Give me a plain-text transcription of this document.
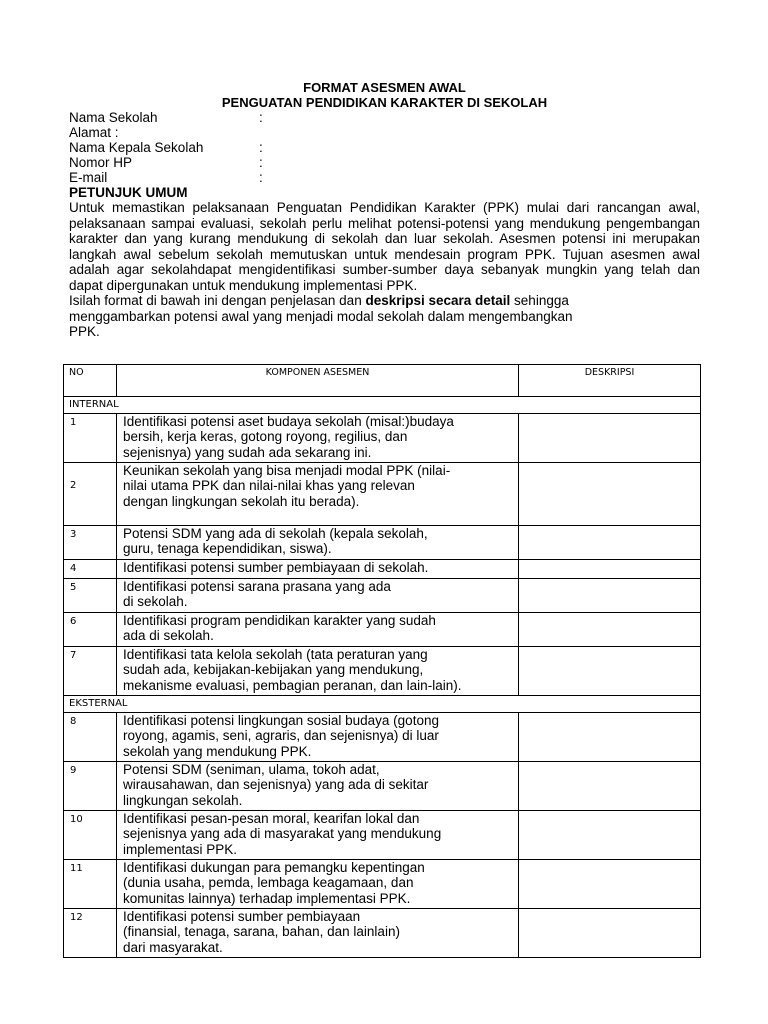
FORMAT ASESMEN AWAL
PENGUATAN PENDIDIKAN KARAKTER DI SEKOLAH
Nama Sekolah	:
Alamat :
Nama Kepala Sekolah	:
Nomor HP	:
E-mail	:
PETUNJUK UMUM

Untuk memastikan pelaksanaan Penguatan Pendidikan Karakter (PPK) mulai dari rancangan awal, pelaksanaan sampai evaluasi, sekolah perlu melihat potensi-potensi yang mendukung pengembangan karakter dan yang kurang mendukung di sekolah dan luar sekolah. Asesmen potensi ini merupakan langkah awal sebelum sekolah memutuskan untuk mendesain program PPK. Tujuan asesmen awal adalah agar sekolahdapat mengidentifikasi sumber-sumber daya sebanyak mungkin yang telah dan dapat dipergunakan untuk mendukung implementasi PPK.

Isilah format di bawah ini dengan penjelasan dan deskripsi secara detail sehingga
menggambarkan potensi awal yang menjadi modal sekolah dalam mengembangkan
PPK.
NO	KOMPONEN ASESMEN	DESKRIPSI
INTERNAL		
1	Identifikasi potensi aset budaya sekolah (misal:)budaya
bersih, kerja keras, gotong royong, regilius, dan
sejenisnya) yang sudah ada sekarang ini.	

2	Keunikan sekolah yang bisa menjadi modal PPK (nilai-
nilai utama PPK dan nilai-nilai khas yang relevan
dengan lingkungan sekolah itu berada).	

3	Potensi SDM yang ada di sekolah (kepala sekolah,
guru, tenaga kependidikan, siswa).	

4	Identifikasi potensi sumber pembiayaan di sekolah.	

5	Identifikasi potensi sarana prasana yang ada
di sekolah.	

6	Identifikasi program pendidikan karakter yang sudah
ada di sekolah.	

7	Identifikasi tata kelola sekolah (tata peraturan yang
sudah ada, kebijakan-kebijakan yang mendukung,
mekanisme evaluasi, pembagian peranan, dan lain-lain).	

EKSTERNAL		
8	Identifikasi potensi lingkungan sosial budaya (gotong
royong, agamis, seni, agraris, dan sejenisnya) di luar
sekolah yang mendukung PPK.	

9	Potensi SDM (seniman, ulama, tokoh adat,
wirausahawan, dan sejenisnya) yang ada di sekitar
lingkungan sekolah.	

10	Identifikasi pesan-pesan moral, kearifan lokal dan
sejenisnya yang ada di masyarakat yang mendukung
implementasi PPK.	

11	Identifikasi dukungan para pemangku kepentingan
(dunia usaha, pemda, lembaga keagamaan, dan
komunitas lainnya) terhadap implementasi PPK.	

12	Identifikasi potensi sumber pembiayaan
(finansial, tenaga, sarana, bahan, dan lainlain)
dari masyarakat.	
